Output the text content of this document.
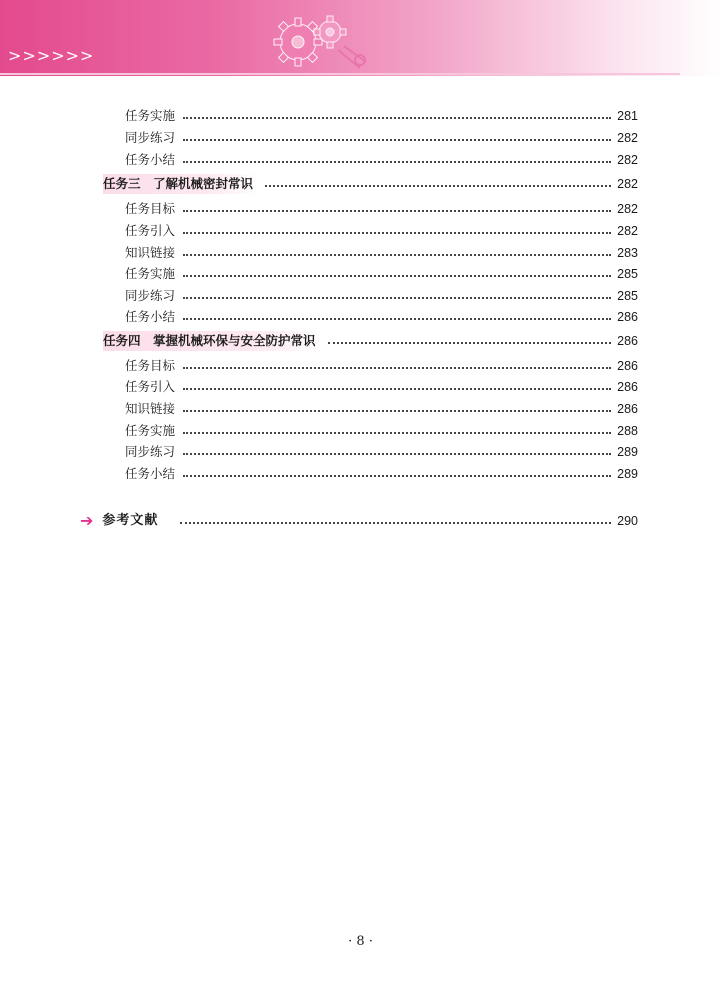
>>>>>>
任务实施	281
同步练习	282
任务小结	282
任务三　了解机械密封常识	282
任务目标	282
任务引入	282
知识链接	283
任务实施	285
同步练习	285
任务小结	286
任务四　掌握机械环保与安全防护常识	286
任务目标	286
任务引入	286
知识链接	286
任务实施	288
同步练习	289
任务小结	289
➔ 参考文献	290
· 8 ·
